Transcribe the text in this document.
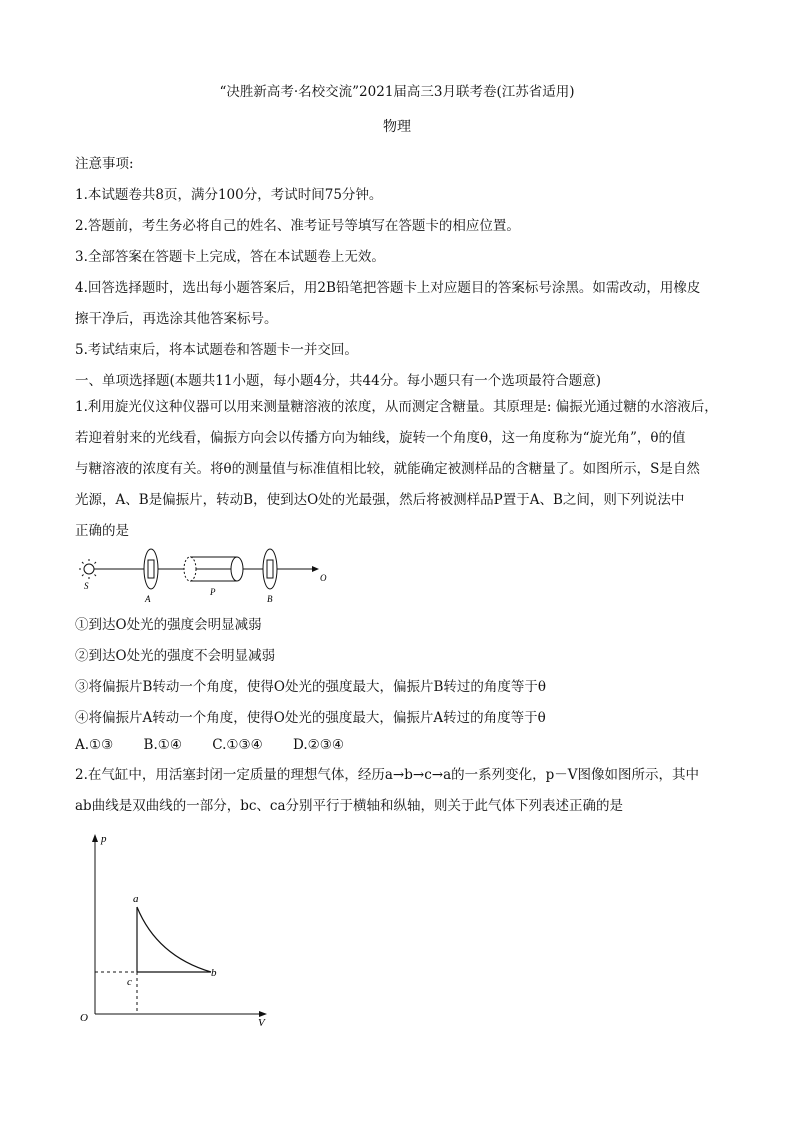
“决胜新高考·名校交流”2021届高三3月联考卷(江苏省适用)
物理
注意事项:
1.本试题卷共8页，满分100分，考试时间75分钟。
2.答题前，考生务必将自己的姓名、准考证号等填写在答题卡的相应位置。
3.全部答案在答题卡上完成，答在本试题卷上无效。
4.回答选择题时，选出每小题答案后，用2B铅笔把答题卡上对应题目的答案标号涂黑。如需改动，用橡皮
擦干净后，再选涂其他答案标号。
5.考试结束后，将本试题卷和答题卡一并交回。
一、单项选择题(本题共11小题，每小题4分，共44分。每小题只有一个选项最符合题意)
1.利用旋光仪这种仪器可以用来测量糖溶液的浓度，从而测定含糖量。其原理是: 偏振光通过糖的水溶液后，
若迎着射来的光线看，偏振方向会以传播方向为轴线，旋转一个角度θ，这一角度称为“旋光角”，θ的值
与糖溶液的浓度有关。将θ的测量值与标准值相比较，就能确定被测样品的含糖量了。如图所示，S是自然
光源，A、B是偏振片，转动B，使到达O处的光最强，然后将被测样品P置于A、B之间，则下列说法中
正确的是
S
A
P
B
O
①到达O处光的强度会明显减弱
②到达O处光的强度不会明显减弱
③将偏振片B转动一个角度，使得O处光的强度最大，偏振片B转过的角度等于θ
④将偏振片A转动一个角度，使得O处光的强度最大，偏振片A转过的角度等于θ
A.①③ B.①④ C.①③④ D.②③④
2.在气缸中，用活塞封闭一定质量的理想气体，经历a→b→c→a的一系列变化，p－V图像如图所示，其中
ab曲线是双曲线的一部分，bc、ca分别平行于横轴和纵轴，则关于此气体下列表述正确的是
p
V
O
a
b
c
